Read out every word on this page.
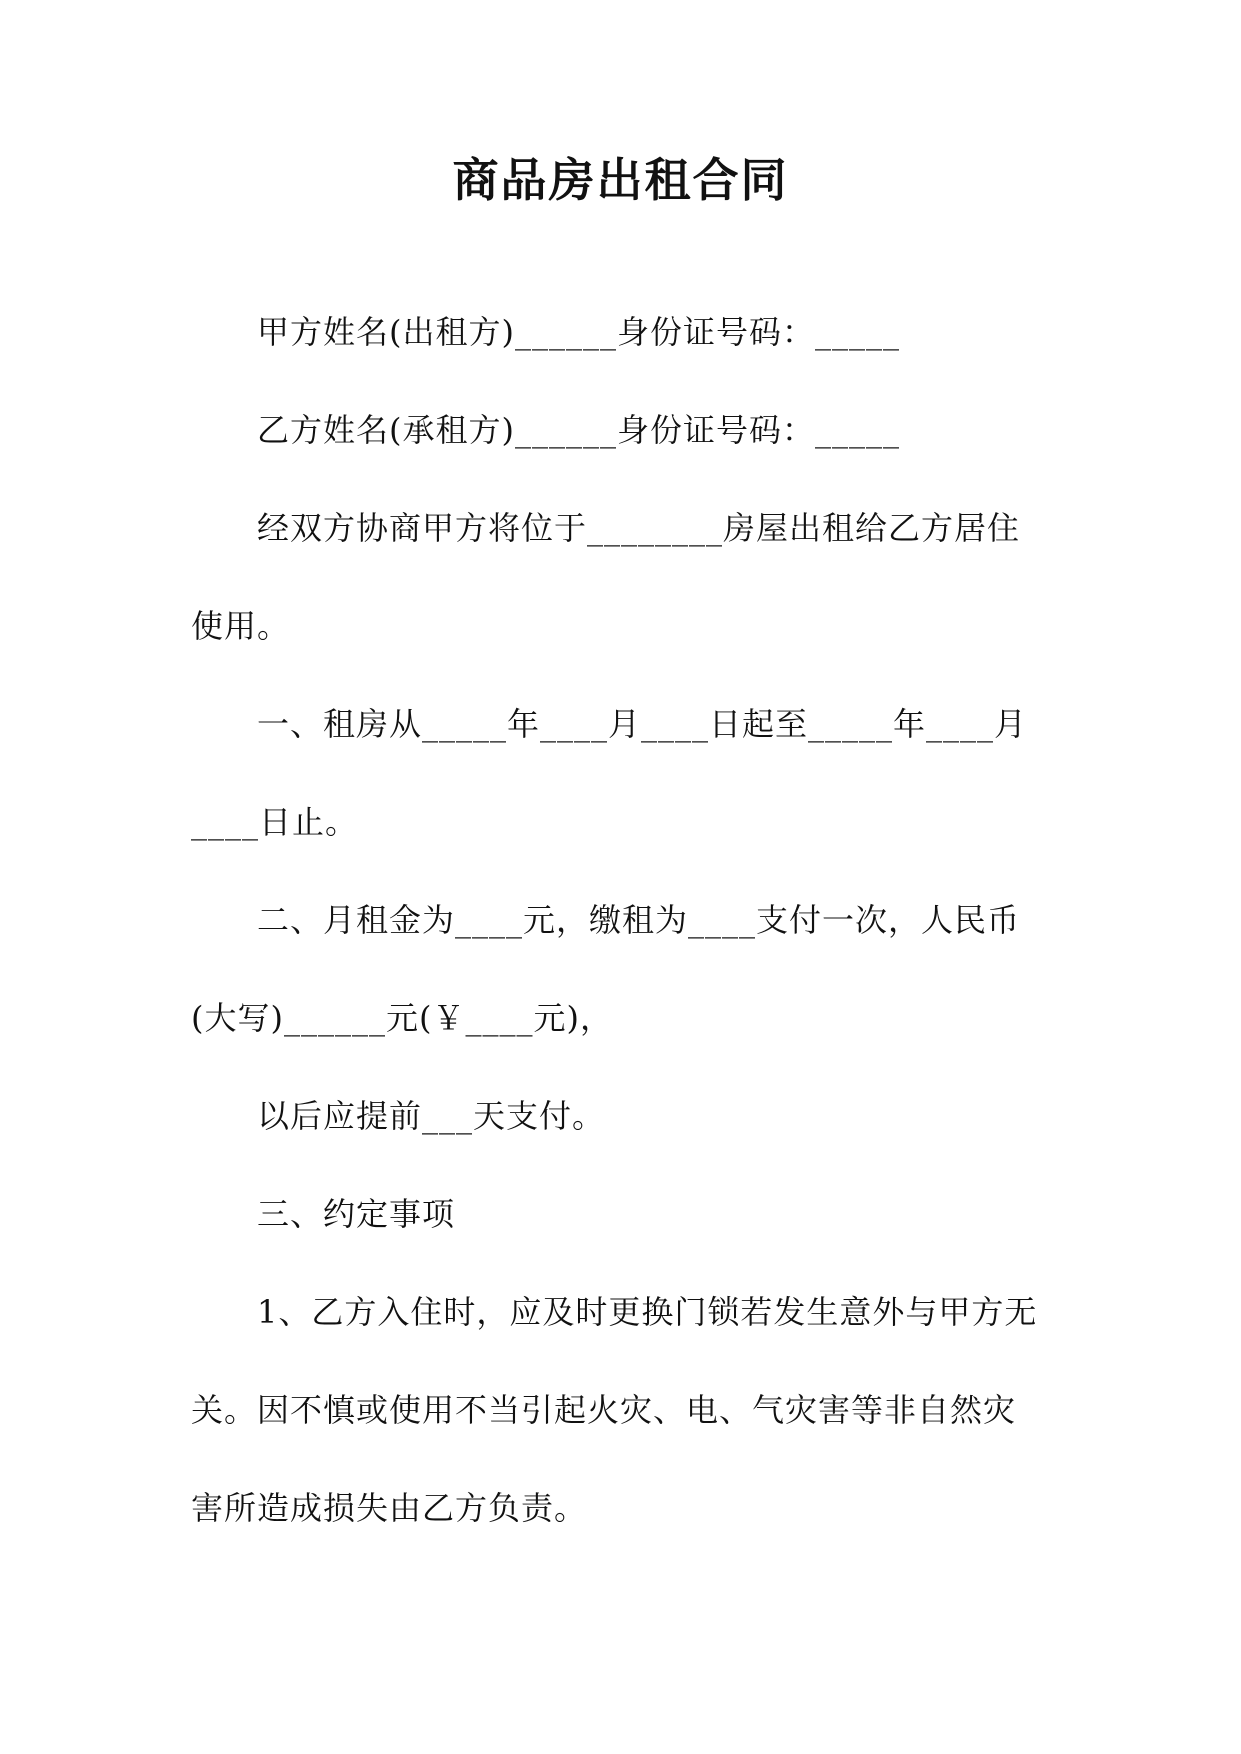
商品房出租合同

甲方姓名(出租方)______身份证号码：_____

乙方姓名(承租方)______身份证号码：_____

经双方协商甲方将位于________房屋出租给乙方居住

使用。

一、租房从_____年____月____日起至_____年____月

____日止。

二、月租金为____元，缴租为____支付一次，人民币

(大写)______元(￥____元)，

以后应提前___天支付。

三、约定事项

1、乙方入住时，应及时更换门锁若发生意外与甲方无

关。因不慎或使用不当引起火灾、电、气灾害等非自然灾

害所造成损失由乙方负责。
